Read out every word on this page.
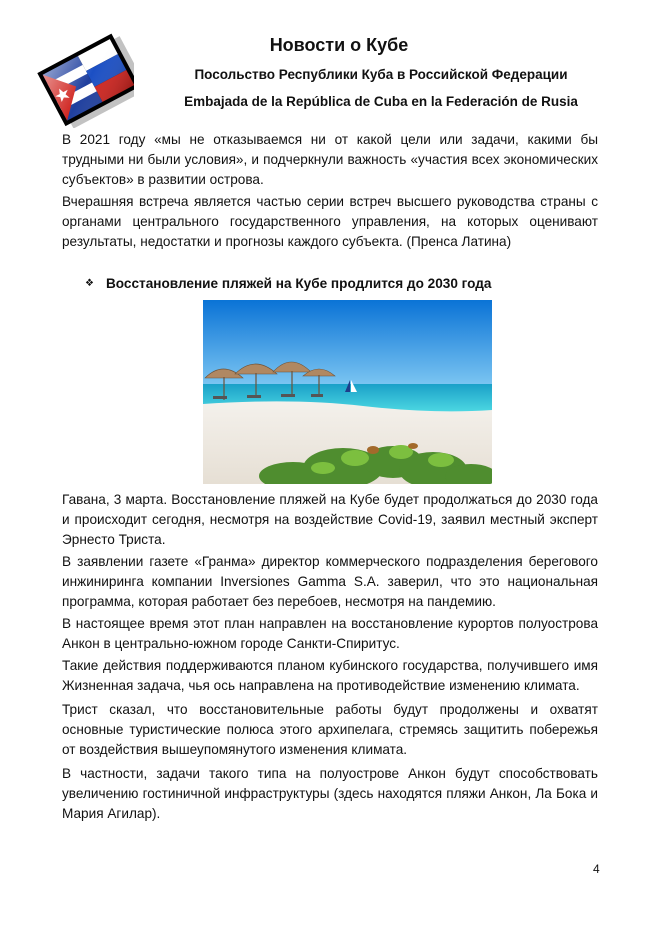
Новости о Кубе
Посольство Республики Куба в Российской Федерации
Embajada de la República de Cuba en la Federación de Rusia

В 2021 году «мы не отказываемся ни от какой цели или задачи, какими бы трудными ни были условия», и подчеркнули важность «участия всех экономических субъектов» в развитии острова.

Вчерашняя встреча является частью серии встреч высшего руководства страны с органами центрального государственного управления, на которых оценивают результаты, недостатки и прогнозы каждого субъекта. (Пренса Латина)

❖ Восстановление пляжей на Кубе продлится до 2030 года

Гавана, 3 марта. Восстановление пляжей на Кубе будет продолжаться до 2030 года и происходит сегодня, несмотря на воздействие Covid-19, заявил местный эксперт Эрнесто Триста.

В заявлении газете «Гранма» директор коммерческого подразделения берегового инжиниринга компании Inversiones Gamma S.A. заверил, что это национальная программа, которая работает без перебоев, несмотря на пандемию.

В настоящее время этот план направлен на восстановление курортов полуострова Анкон в центрально-южном городе Санкти-Спиритус.

Такие действия поддерживаются планом кубинского государства, получившего имя Жизненная задача, чья ось направлена на противодействие изменению климата.

Трист сказал, что восстановительные работы будут продолжены и охватят основные туристические полюса этого архипелага, стремясь защитить побережья от воздействия вышеупомянутого изменения климата.

В частности, задачи такого типа на полуострове Анкон будут способствовать увеличению гостиничной инфраструктуры (здесь находятся пляжи Анкон, Ла Бока и Мария Агилар).

4
